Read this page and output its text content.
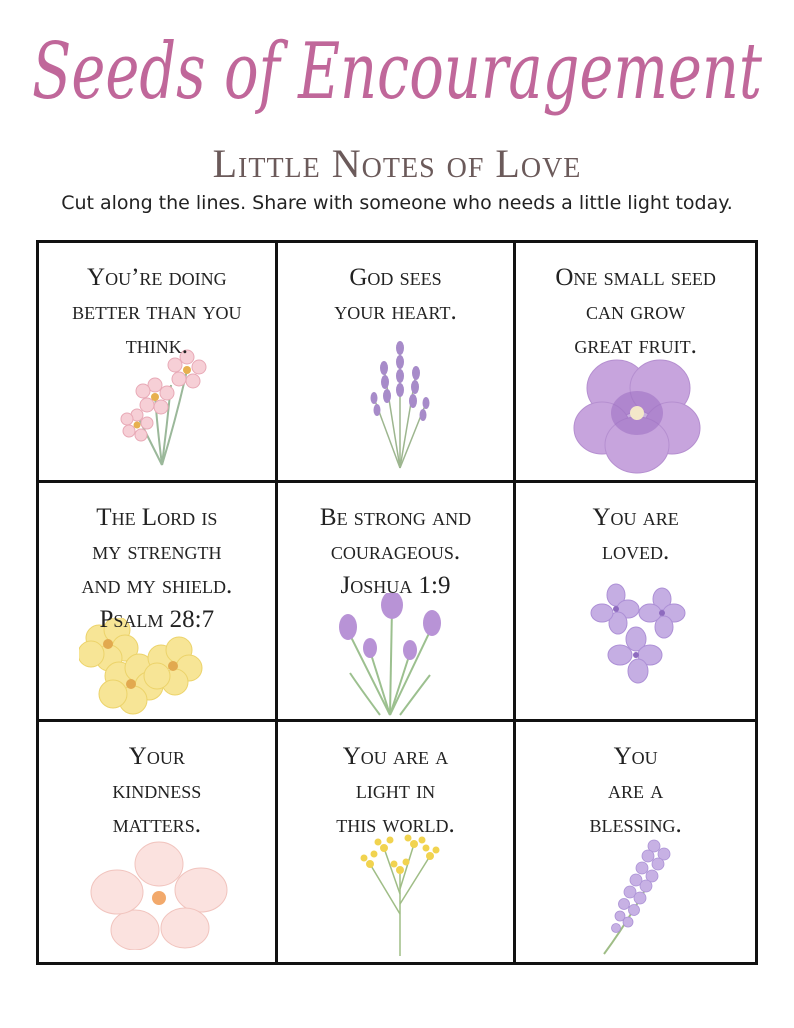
Seeds of Encouragement
Little Notes of Love
Cut along the lines. Share with someone who needs a little light today.
You’re doing
better than you
think.
God sees
your heart.
One small seed
can grow
great fruit.
The Lord is
my strength
and my shield.
Psalm 28:7
Be strong and
courageous.
Joshua 1:9
You are
loved.
Your
kindness
matters.
You are a
light in
this world.
You
are a
blessing.
